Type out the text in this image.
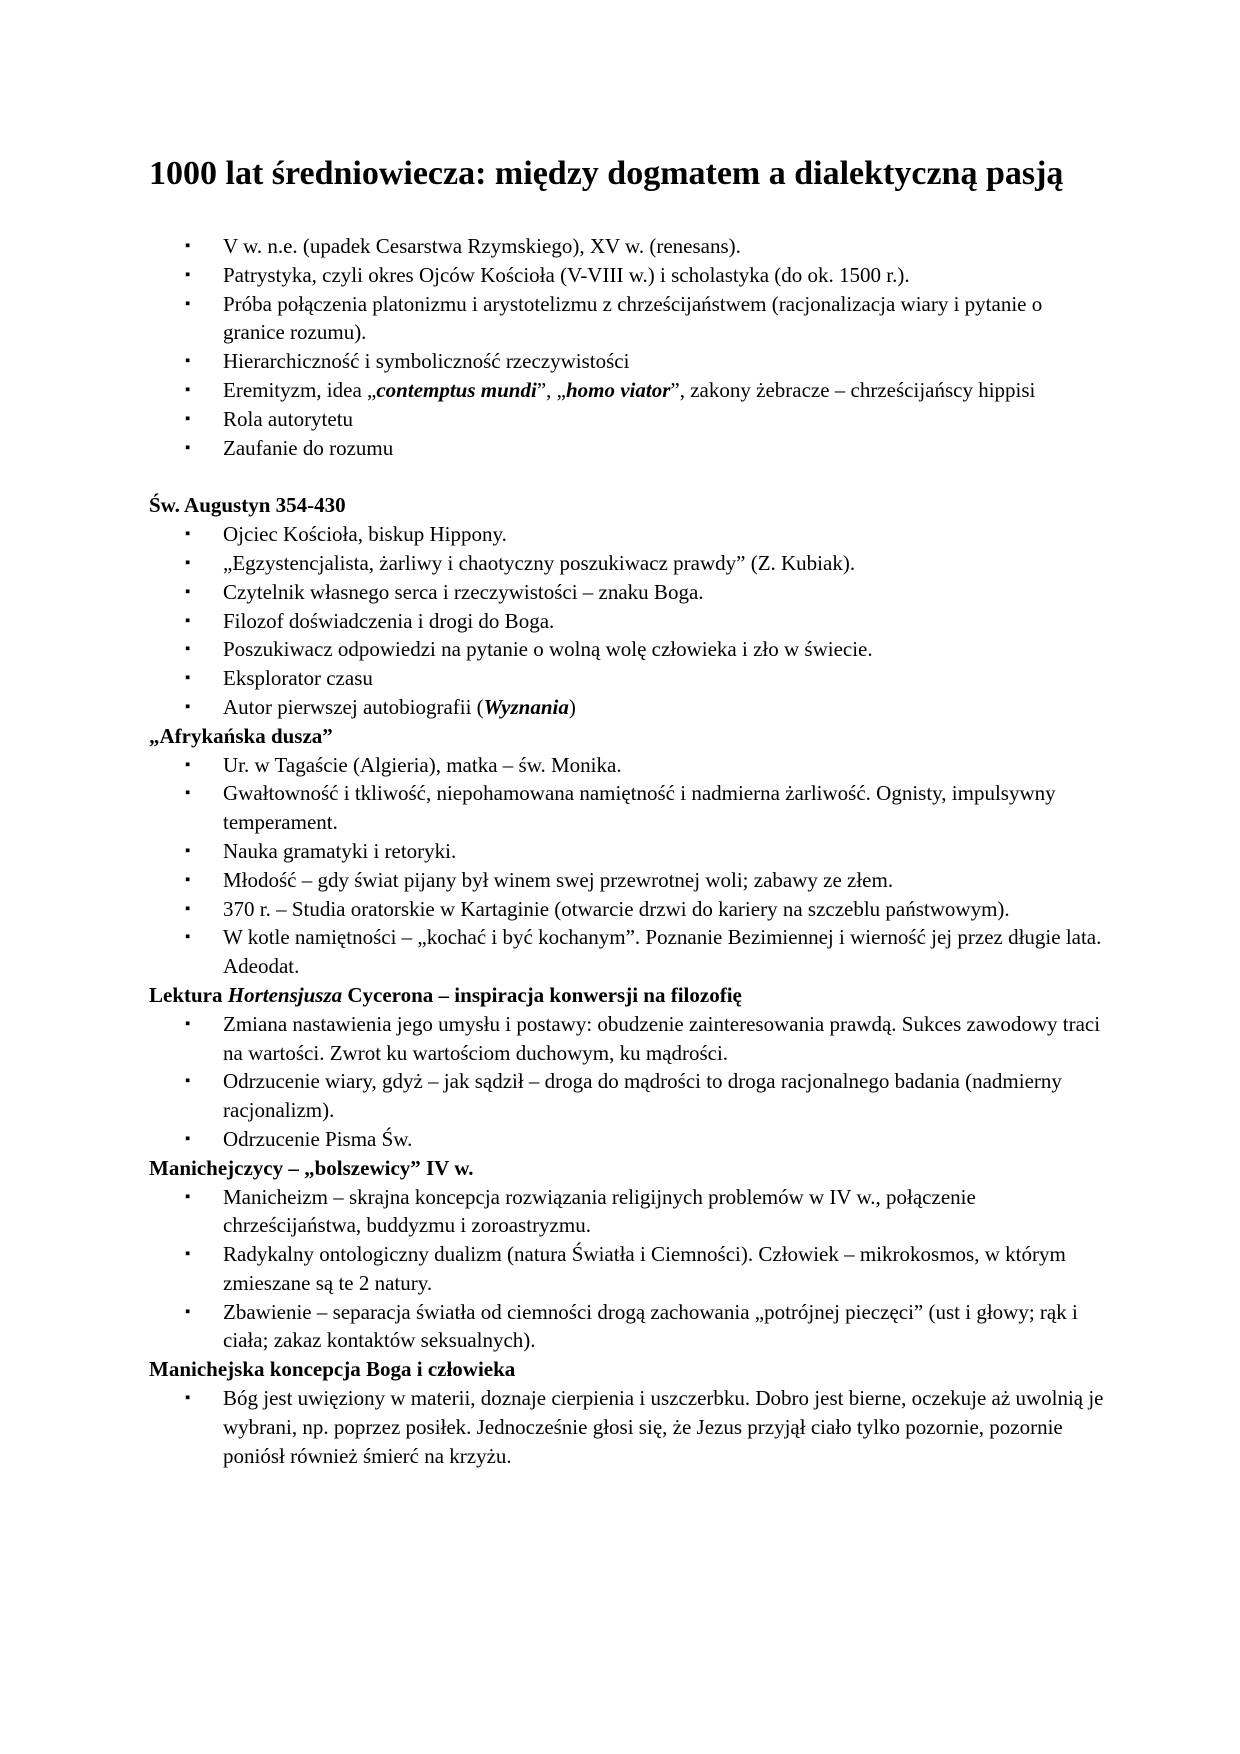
1000 lat średniowiecza: między dogmatem a dialektyczną pasją
▪ V w. n.e. (upadek Cesarstwa Rzymskiego), XV w. (renesans).
▪ Patrystyka, czyli okres Ojców Kościoła (V-VIII w.) i scholastyka (do ok. 1500 r.).
▪ Próba połączenia platonizmu i arystotelizmu z chrześcijaństwem (racjonalizacja wiary i pytanie o granice rozumu).
▪ Hierarchiczność i symboliczność rzeczywistości
▪ Eremityzm, idea „contemptus mundi”, „homo viator”, zakony żebracze – chrześcijańscy hippisi
▪ Rola autorytetu
▪ Zaufanie do rozumu
Św. Augustyn 354-430
▪ Ojciec Kościoła, biskup Hippony.
▪ „Egzystencjalista, żarliwy i chaotyczny poszukiwacz prawdy” (Z. Kubiak).
▪ Czytelnik własnego serca i rzeczywistości – znaku Boga.
▪ Filozof doświadczenia i drogi do Boga.
▪ Poszukiwacz odpowiedzi na pytanie o wolną wolę człowieka i zło w świecie.
▪ Eksplorator czasu
▪ Autor pierwszej autobiografii (Wyznania)
„Afrykańska dusza”
▪ Ur. w Tagaście (Algieria), matka – św. Monika.
▪ Gwałtowność i tkliwość, niepohamowana namiętność i nadmierna żarliwość. Ognisty, impulsywny temperament.
▪ Nauka gramatyki i retoryki.
▪ Młodość – gdy świat pijany był winem swej przewrotnej woli; zabawy ze złem.
▪ 370 r. – Studia oratorskie w Kartaginie (otwarcie drzwi do kariery na szczeblu państwowym).
▪ W kotle namiętności – „kochać i być kochanym”. Poznanie Bezimiennej i wierność jej przez długie lata. Adeodat.
Lektura Hortensjusza Cycerona – inspiracja konwersji na filozofię
▪ Zmiana nastawienia jego umysłu i postawy: obudzenie zainteresowania prawdą. Sukces zawodowy traci na wartości. Zwrot ku wartościom duchowym, ku mądrości.
▪ Odrzucenie wiary, gdyż – jak sądził – droga do mądrości to droga racjonalnego badania (nadmierny racjonalizm).
▪ Odrzucenie Pisma Św.
Manichejczycy – „bolszewicy” IV w.
▪ Manicheizm – skrajna koncepcja rozwiązania religijnych problemów w IV w., połączenie chrześcijaństwa, buddyzmu i zoroastryzmu.
▪ Radykalny ontologiczny dualizm (natura Światła i Ciemności). Człowiek – mikrokosmos, w którym zmieszane są te 2 natury.
▪ Zbawienie – separacja światła od ciemności drogą zachowania „potrójnej pieczęci” (ust i głowy; rąk i ciała; zakaz kontaktów seksualnych).
Manichejska koncepcja Boga i człowieka
▪ Bóg jest uwięziony w materii, doznaje cierpienia i uszczerbku. Dobro jest bierne, oczekuje aż uwolnią je wybrani, np. poprzez posiłek. Jednocześnie głosi się, że Jezus przyjął ciało tylko pozornie, pozornie poniósł również śmierć na krzyżu.
